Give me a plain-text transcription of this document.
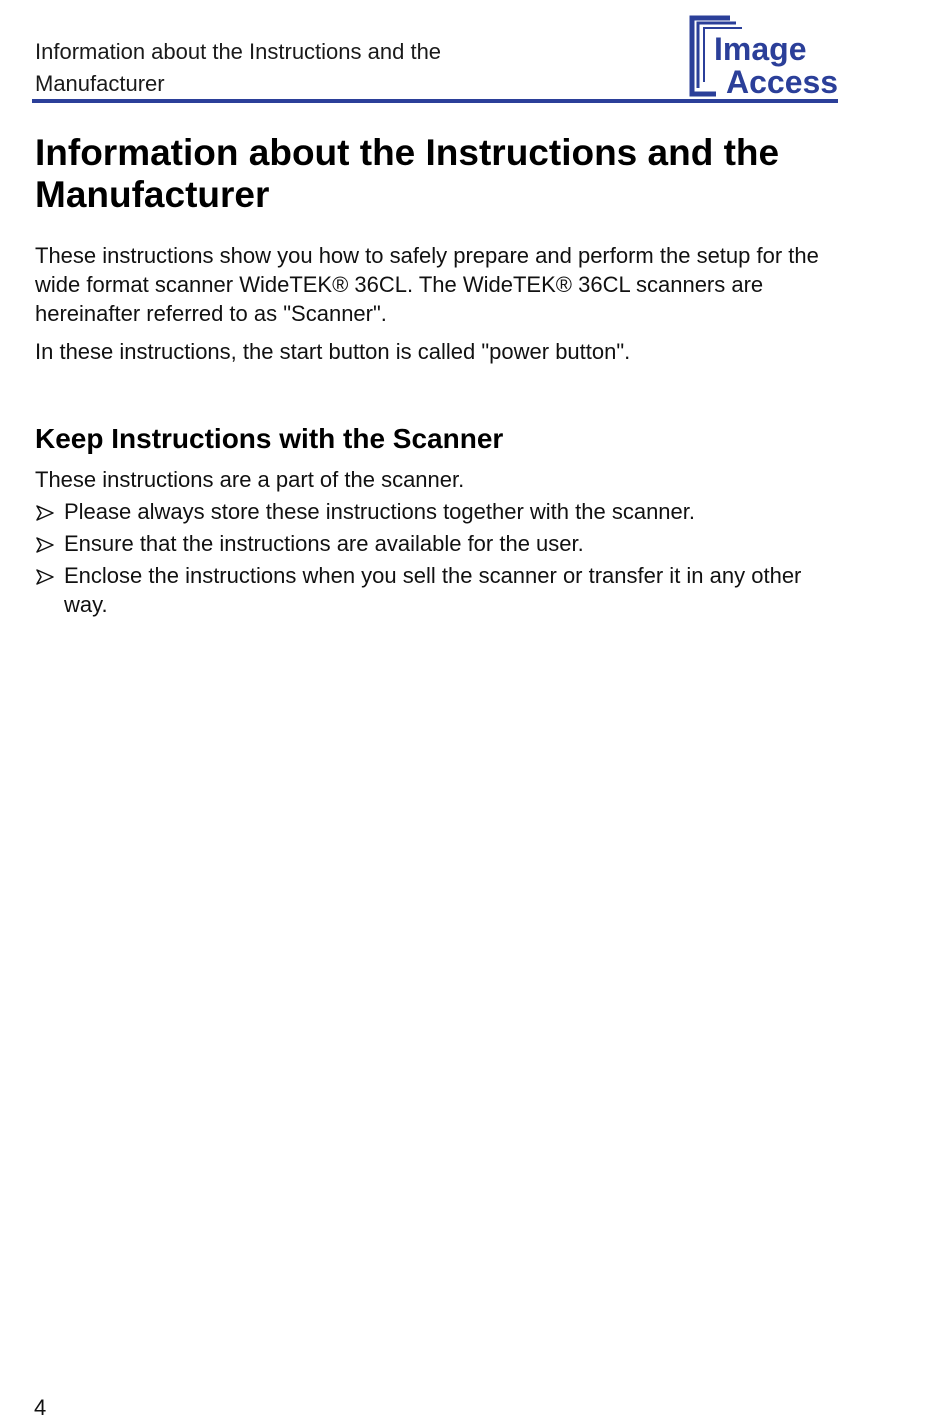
Information about the Instructions and the Manufacturer
Image
Access
Information about the Instructions and the Manufacturer

These instructions show you how to safely prepare and perform the setup for the wide format scanner WideTEK® 36CL. The WideTEK® 36CL scanners are hereinafter referred to as "Scanner".

In these instructions, the start button is called "power button".

Keep Instructions with the Scanner

These instructions are a part of the scanner.

Please always store these instructions together with the scanner.
Ensure that the instructions are available for the user.
Enclose the instructions when you sell the scanner or transfer it in any other way.
4
